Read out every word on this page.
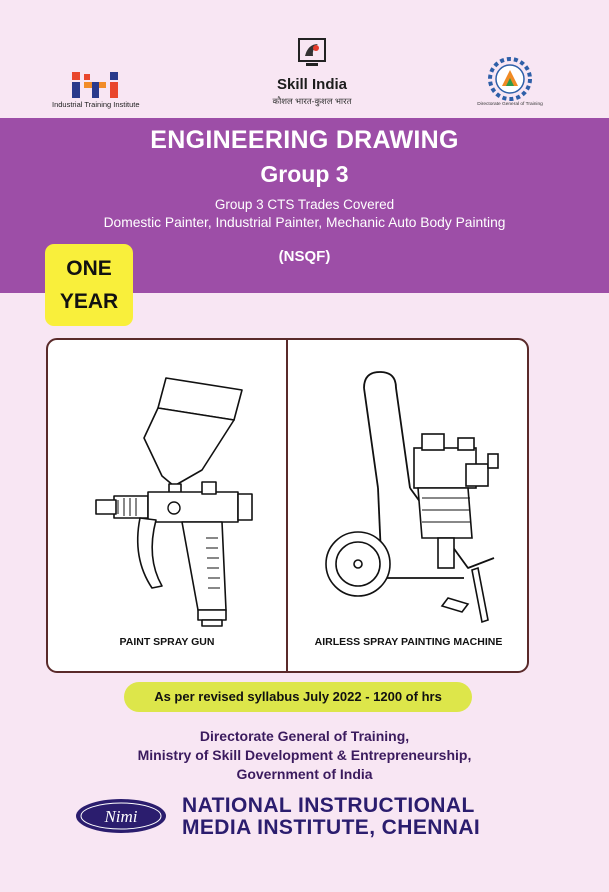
Industrial Training Institute
Skill India
कौशल भारत-कुशल भारत	Directorate General of Training
ENGINEERING DRAWING
Group 3
Group 3 CTS Trades Covered
Domestic Painter, Industrial Painter, Mechanic Auto Body Painting
(NSQF)
ONE
YEAR
PAINT SPRAY GUN	AIRLESS SPRAY PAINTING MACHINE
As per revised syllabus July 2022 - 1200 of hrs
Directorate General of Training,
Ministry of Skill Development & Entrepreneurship,
Government of India
Nimi NATIONAL INSTRUCTIONAL
MEDIA INSTITUTE, CHENNAI
